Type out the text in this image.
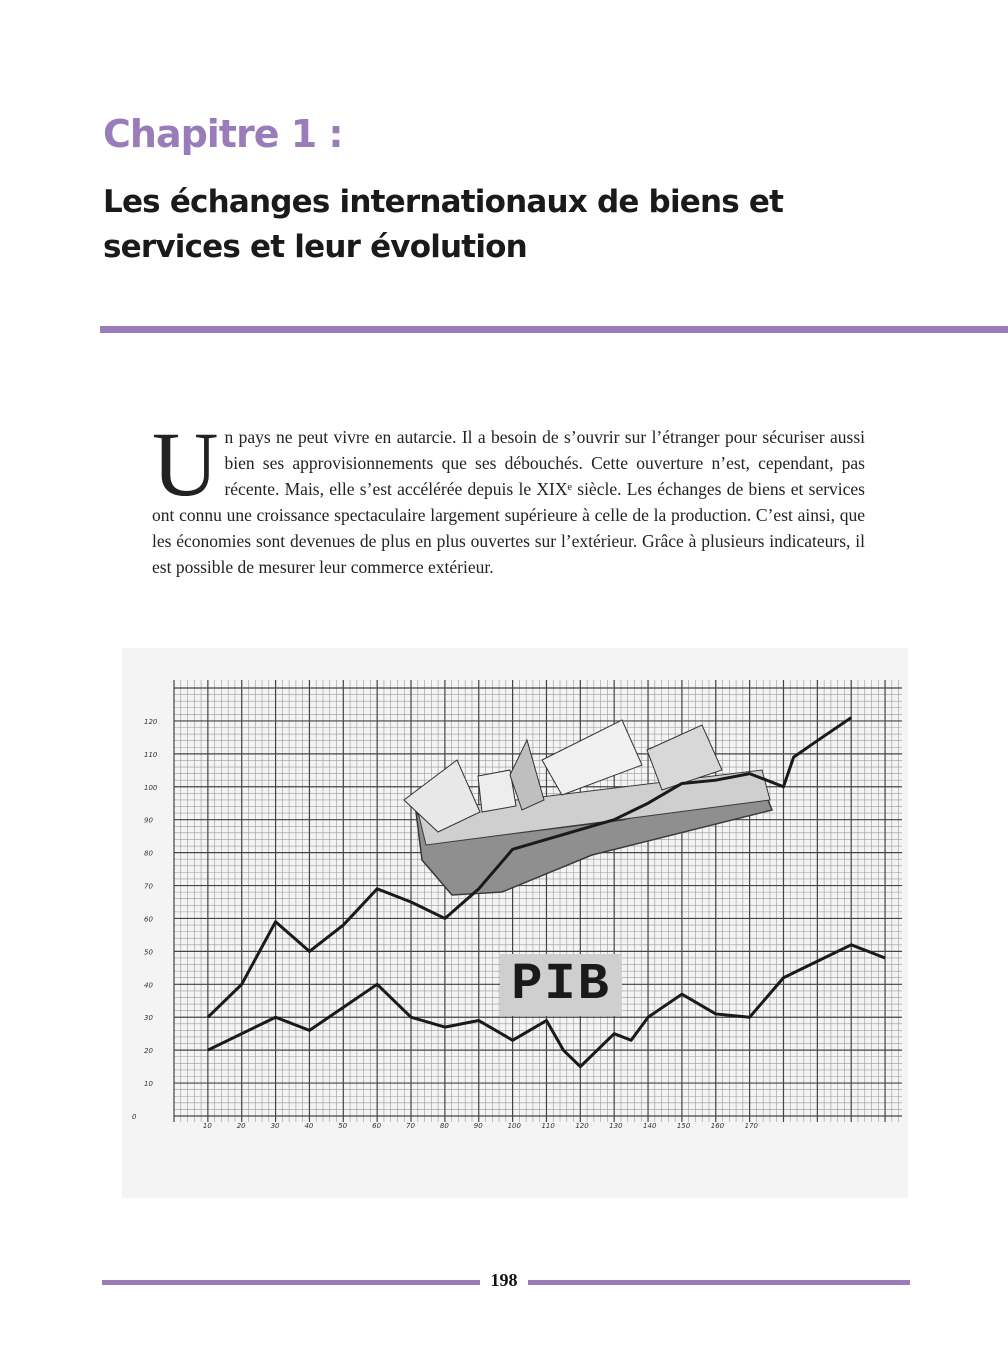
Chapitre 1 :
Les échanges internationaux de biens et services et leur évolution
U n pays ne peut vivre en autarcie. Il a besoin de s’ouvrir sur l’étranger pour sécuriser aussi bien ses approvisionnements que ses débouchés. Cette ouverture n’est, cependant, pas récente. Mais, elle s’est accélérée depuis le XIXᵉ siècle. Les échanges de biens et services ont connu une croissance spectaculaire largement supérieure à celle de la production. C’est ainsi, que les économies sont devenues de plus en plus ouvertes sur l’extérieur. Grâce à plusieurs indicateurs, il est possible de mesurer leur commerce extérieur.
0
10
20
30
40
50
60
70
80
90
100
110
120
10	20	30	40	50	60	70	80	90	100	110	120	130	140	150	160	170
PIB
198
